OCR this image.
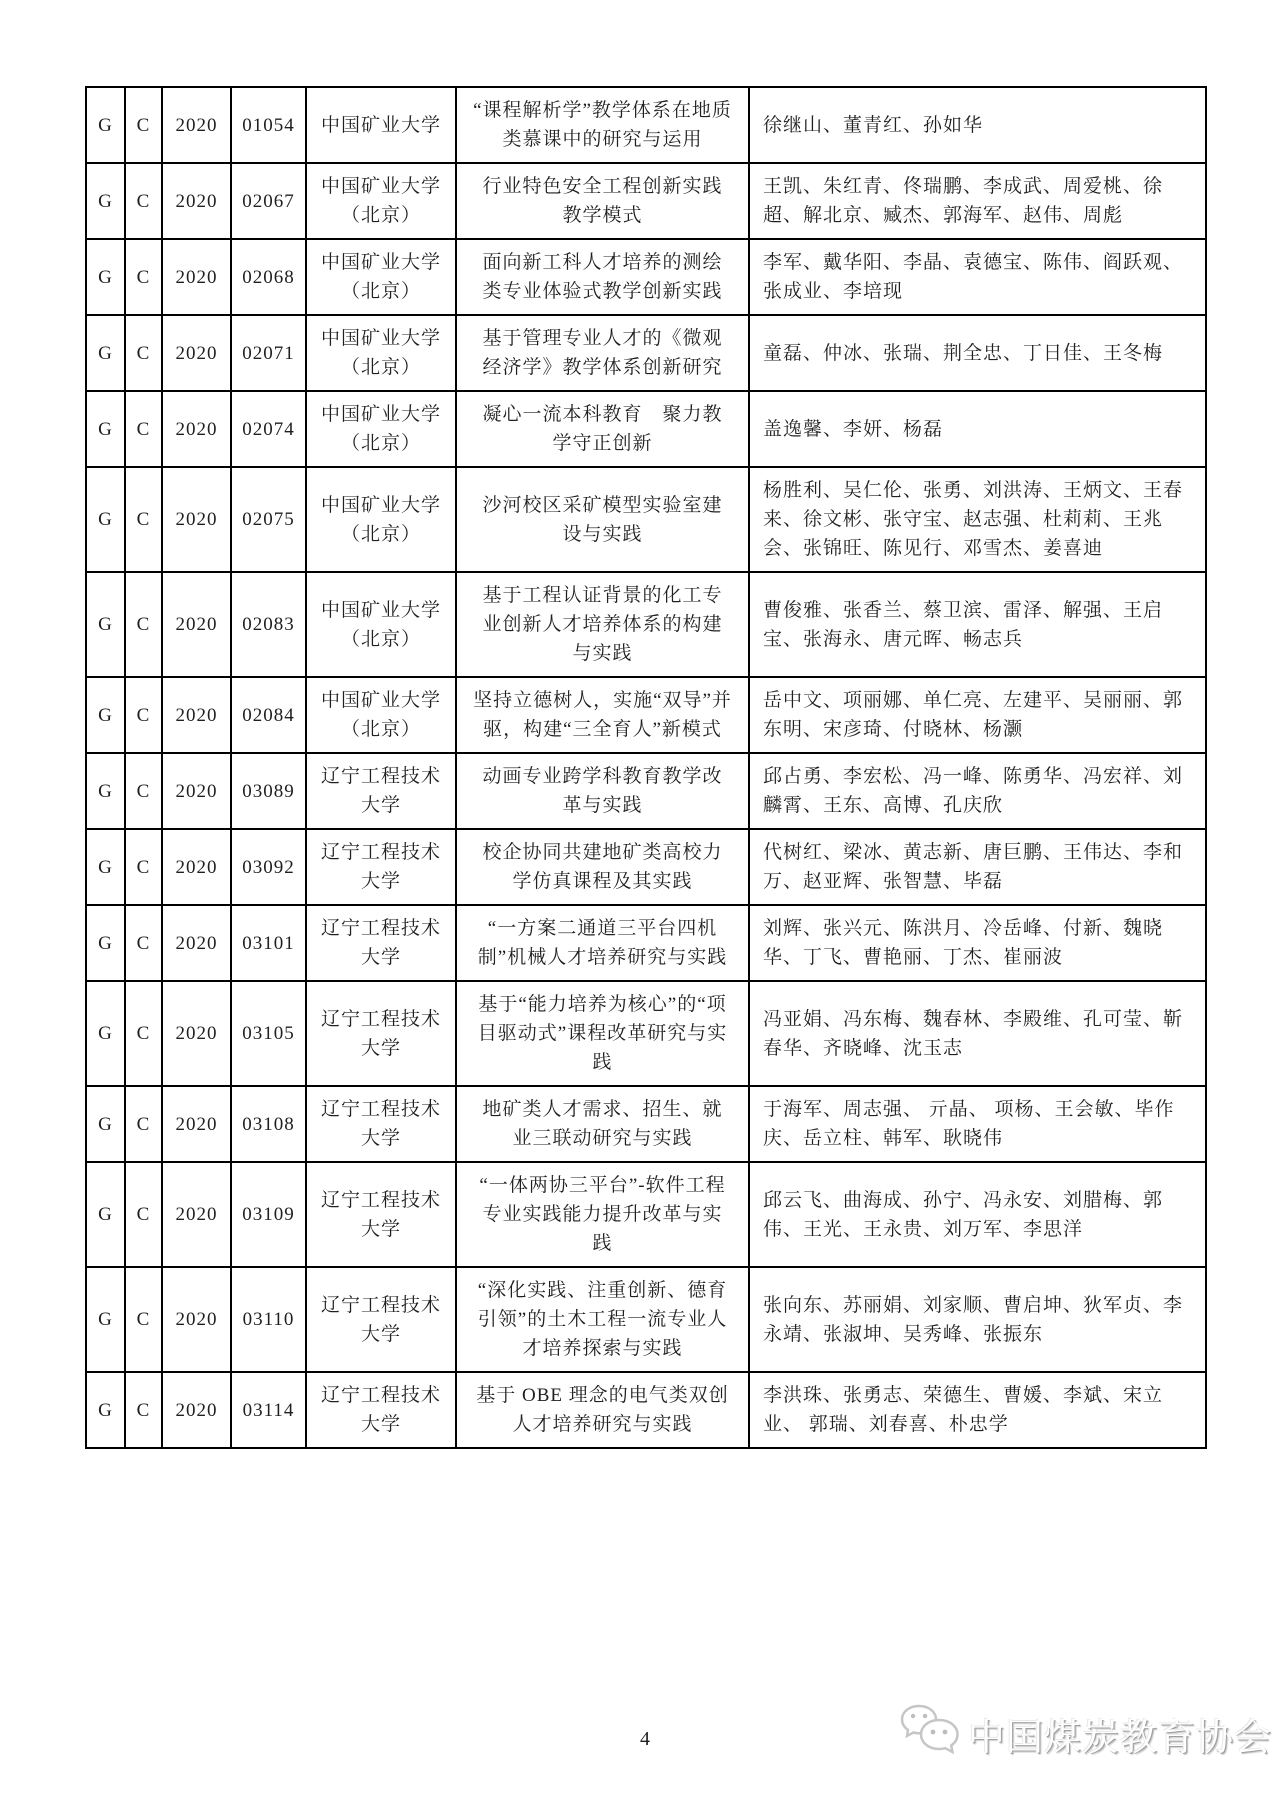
G	C	2020	01054	中国矿业大学	“课程解析学”教学体系在地质类慕课中的研究与运用	徐继山、董青红、孙如华
G	C	2020	02067	中国矿业大学（北京）	行业特色安全工程创新实践教学模式	王凯、朱红青、佟瑞鹏、李成武、周爱桃、徐超、解北京、臧杰、郭海军、赵伟、周彪
G	C	2020	02068	中国矿业大学（北京）	面向新工科人才培养的测绘类专业体验式教学创新实践	李军、戴华阳、李晶、袁德宝、陈伟、阎跃观、张成业、李培现
G	C	2020	02071	中国矿业大学（北京）	基于管理专业人才的《微观经济学》教学体系创新研究	童磊、仲冰、张瑞、荆全忠、丁日佳、王冬梅
G	C	2020	02074	中国矿业大学（北京）	凝心一流本科教育　聚力教学守正创新	盖逸馨、李妍、杨磊
G	C	2020	02075	中国矿业大学（北京）	沙河校区采矿模型实验室建设与实践	杨胜利、吴仁伦、张勇、刘洪涛、王炳文、王春来、徐文彬、张守宝、赵志强、杜莉莉、王兆会、张锦旺、陈见行、邓雪杰、姜喜迪
G	C	2020	02083	中国矿业大学（北京）	基于工程认证背景的化工专业创新人才培养体系的构建与实践	曹俊雅、张香兰、蔡卫滨、雷泽、解强、王启宝、张海永、唐元晖、畅志兵
G	C	2020	02084	中国矿业大学（北京）	坚持立德树人，实施“双导”并驱，构建“三全育人”新模式	岳中文、项丽娜、单仁亮、左建平、吴丽丽、郭东明、宋彦琦、付晓林、杨灏
G	C	2020	03089	辽宁工程技术大学	动画专业跨学科教育教学改革与实践	邱占勇、李宏松、冯一峰、陈勇华、冯宏祥、刘麟霄、王东、高博、孔庆欣
G	C	2020	03092	辽宁工程技术大学	校企协同共建地矿类高校力学仿真课程及其实践	代树红、梁冰、黄志新、唐巨鹏、王伟达、李和万、赵亚辉、张智慧、毕磊
G	C	2020	03101	辽宁工程技术大学	“一方案二通道三平台四机制”机械人才培养研究与实践	刘辉、张兴元、陈洪月、冷岳峰、付新、魏晓华、丁飞、曹艳丽、丁杰、崔丽波
G	C	2020	03105	辽宁工程技术大学	基于“能力培养为核心”的“项目驱动式”课程改革研究与实践	冯亚娟、冯东梅、魏春林、李殿维、孔可莹、靳春华、齐晓峰、沈玉志
G	C	2020	03108	辽宁工程技术大学	地矿类人才需求、招生、就业三联动研究与实践	于海军、周志强、 亓晶、 项杨、王会敏、毕作庆、岳立柱、韩军、耿晓伟
G	C	2020	03109	辽宁工程技术大学	“一体两协三平台”-软件工程专业实践能力提升改革与实践	邱云飞、曲海成、孙宁、冯永安、刘腊梅、郭伟、王光、王永贵、刘万军、李思洋
G	C	2020	03110	辽宁工程技术大学	“深化实践、注重创新、德育引领”的土木工程一流专业人才培养探索与实践	张向东、苏丽娟、刘家顺、曹启坤、狄军贞、李永靖、张淑坤、吴秀峰、张振东
G	C	2020	03114	辽宁工程技术大学	基于 OBE 理念的电气类双创人才培养研究与实践	李洪珠、张勇志、荣德生、曹媛、李斌、宋立业、 郭瑞、刘春喜、朴忠学
4	中国煤炭教育协会
